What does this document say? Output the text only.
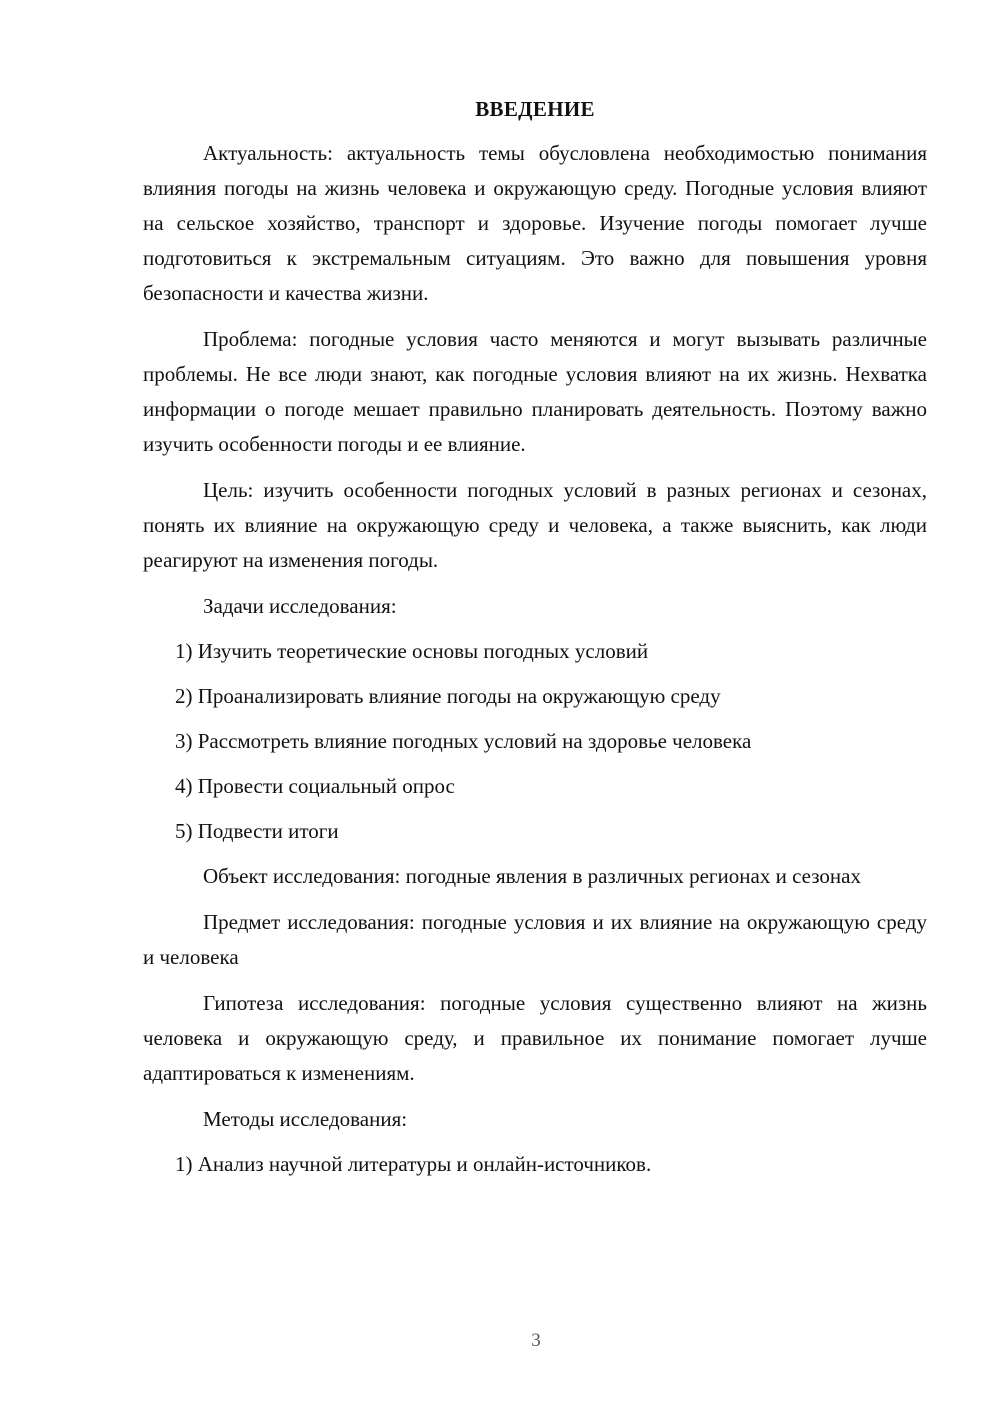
ВВЕДЕНИЕ

Актуальность: актуальность темы обусловлена необходимостью понимания влияния погоды на жизнь человека и окружающую среду. Погодные условия влияют на сельское хозяйство, транспорт и здоровье. Изучение погоды помогает лучше подготовиться к экстремальным ситуациям. Это важно для повышения уровня безопасности и качества жизни.

Проблема: погодные условия часто меняются и могут вызывать различные проблемы. Не все люди знают, как погодные условия влияют на их жизнь. Нехватка информации о погоде мешает правильно планировать деятельность. Поэтому важно изучить особенности погоды и ее влияние.

Цель: изучить особенности погодных условий в разных регионах и сезонах, понять их влияние на окружающую среду и человека, а также выяснить, как люди реагируют на изменения погоды.

Задачи исследования:

1) Изучить теоретические основы погодных условий
2) Проанализировать влияние погоды на окружающую среду
3) Рассмотреть влияние погодных условий на здоровье человека
4) Провести социальный опрос
5) Подвести итоги

Объект исследования: погодные явления в различных регионах и сезонах

Предмет исследования: погодные условия и их влияние на окружающую среду и человека

Гипотеза исследования: погодные условия существенно влияют на жизнь человека и окружающую среду, и правильное их понимание помогает лучше адаптироваться к изменениям.

Методы исследования:

1) Анализ научной литературы и онлайн-источников.
3
